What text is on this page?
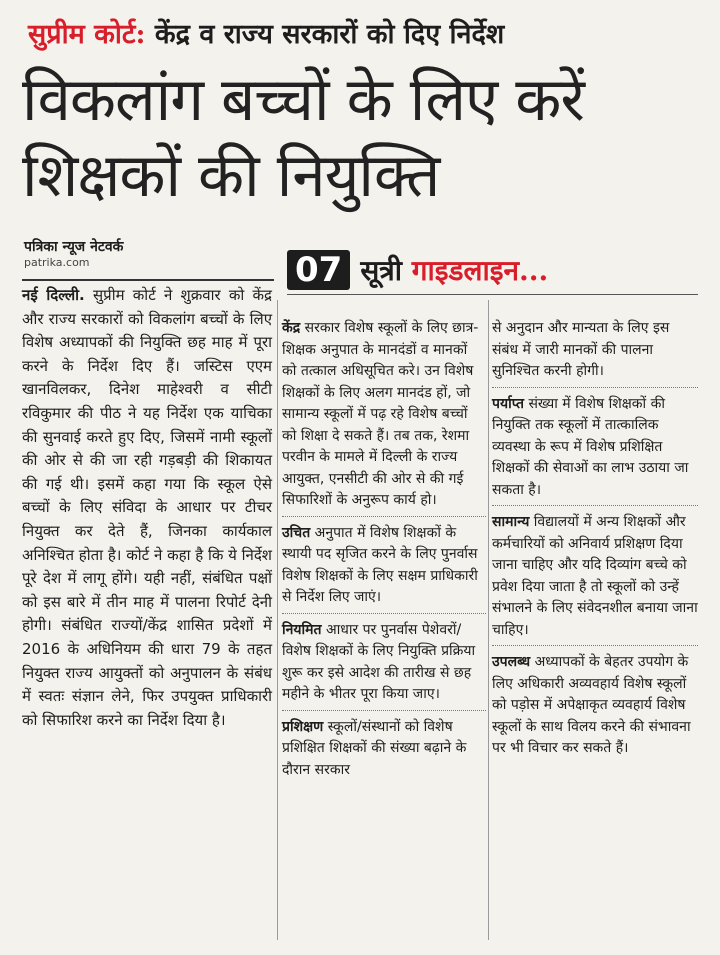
सुप्रीम कोर्ट: केंद्र व राज्य सरकारों को दिए निर्देश
विकलांग बच्चों के लिए करें
शिक्षकों की नियुक्ति
पत्रिका न्यूज नेटवर्क
patrika.com	07 सूत्री गाइडलाइन...

नई दिल्ली. सुप्रीम कोर्ट ने शुक्रवार को केंद्र और राज्य सरकारों को विकलांग बच्चों के लिए विशेष अध्यापकों की नियुक्ति छह माह में पूरा करने के निर्देश दिए हैं। जस्टिस एएम खानविलकर, दिनेश माहेश्वरी व सीटी रविकुमार की पीठ ने यह निर्देश एक याचिका की सुनवाई करते हुए दिए, जिसमें नामी स्कूलों की ओर से की जा रही गड़बड़ी की शिकायत की गई थी। इसमें कहा गया कि स्कूल ऐसे बच्चों के लिए संविदा के आधार पर टीचर नियुक्त कर देते हैं, जिनका कार्यकाल अनिश्चित होता है। कोर्ट ने कहा है कि ये निर्देश पूरे देश में लागू होंगे। यही नहीं, संबंधित पक्षों को इस बारे में तीन माह में पालना रिपोर्ट देनी होगी। संबंधित राज्यों/केंद्र शासित प्रदेशों में 2016 के अधिनियम की धारा 79 के तहत नियुक्त राज्य आयुक्तों को अनुपालन के संबंध में स्वतः संज्ञान लेने, फिर उपयुक्त प्राधिकारी को सिफारिश करने का निर्देश दिया है।

केंद्र सरकार विशेष स्कूलों के लिए छात्र-शिक्षक अनुपात के मानदंडों व मानकों को तत्काल अधिसूचित करे। उन विशेष शिक्षकों के लिए अलग मानदंड हों, जो सामान्य स्कूलों में पढ़ रहे विशेष बच्चों को शिक्षा दे सकते हैं। तब तक, रेशमा परवीन के मामले में दिल्ली के राज्य आयुक्त, एनसीटी की ओर से की गई सिफारिशों के अनुरूप कार्य हो।
उचित अनुपात में विशेष शिक्षकों के स्थायी पद सृजित करने के लिए पुनर्वास विशेष शिक्षकों के लिए सक्षम प्राधिकारी से निर्देश लिए जाएं।
नियमित आधार पर पुनर्वास पेशेवरों/विशेष शिक्षकों के लिए नियुक्ति प्रक्रिया शुरू कर इसे आदेश की तारीख से छह महीने के भीतर पूरा किया जाए।
प्रशिक्षण स्कूलों/संस्थानों को विशेष प्रशिक्षित शिक्षकों की संख्या बढ़ाने के दौरान सरकार
से अनुदान और मान्यता के लिए इस संबंध में जारी मानकों की पालना सुनिश्चित करनी होगी।
पर्याप्त संख्या में विशेष शिक्षकों की नियुक्ति तक स्कूलों में तात्कालिक व्यवस्था के रूप में विशेष प्रशिक्षित शिक्षकों की सेवाओं का लाभ उठाया जा सकता है।
सामान्य विद्यालयों में अन्य शिक्षकों और कर्मचारियों को अनिवार्य प्रशिक्षण दिया जाना चाहिए और यदि दिव्यांग बच्चे को प्रवेश दिया जाता है तो स्कूलों को उन्हें संभालने के लिए संवेदनशील बनाया जाना चाहिए।
उपलब्ध अध्यापकों के बेहतर उपयोग के लिए अधिकारी अव्यवहार्य विशेष स्कूलों को पड़ोस में अपेक्षाकृत व्यवहार्य विशेष स्कूलों के साथ विलय करने की संभावना पर भी विचार कर सकते हैं।
